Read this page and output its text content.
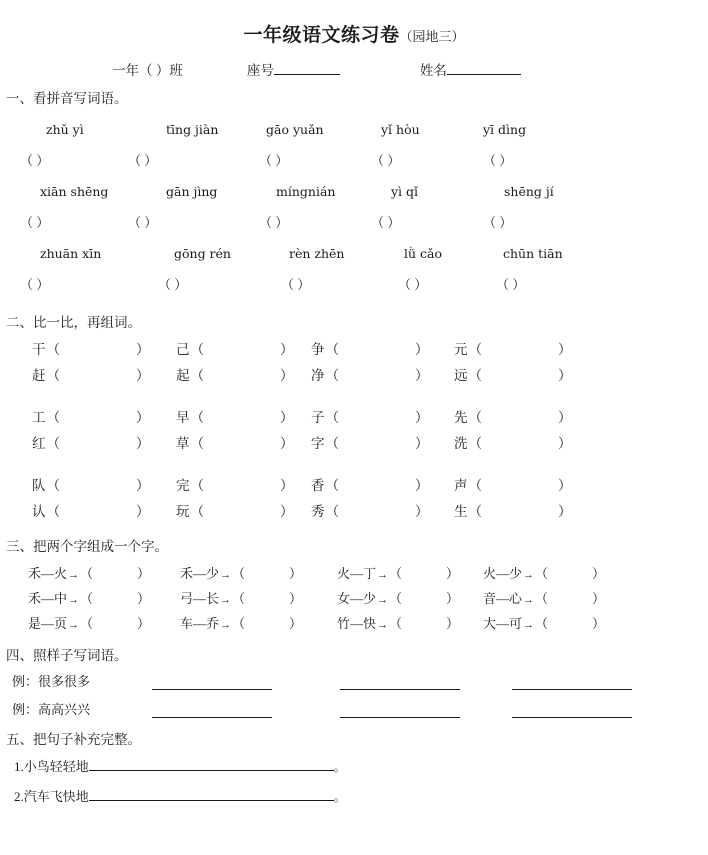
一年级语文练习卷（园地三）
一年（ ）班	座号	姓名
一、看拼音写词语。
zhǔ yì	tīng jiàn	gāo yuǎn	yǐ hòu	yī dìng
（ ）	（ ）	（ ）	（ ）	（ ）
xiān shēng	gān jìng	míngnián	yì qǐ	shēng jí
（ ）	（ ）	（ ）	（ ）	（ ）
zhuān xīn	gōng rén	rèn zhēn	lǜ cǎo	chūn tiān
（ ）	（ ）	（ ）	（ ）	（ ）
二、比一比，再组词。
干（	） 己（	） 争（	） 元（	）
赶（	） 起（	） 净（	） 远（	）
工（	） 早（	） 子（	） 先（	）
红（	） 草（	） 字（	） 洗（	）
队（	） 完（	） 香（	） 声（	）
认（	） 玩（	） 秀（	） 生（	）
三、把两个字组成一个字。
禾—火→（	） 禾—少→（	）	火—丁→（	） 火—少→（	）
禾—中→（	） 弓—长→（	）	女—少→（	） 音—心→（	）
是—页→（	） 车—乔→（	）	竹—快→（	） 大—可→（	）
四、照样子写词语。
例：很多很多
例：高高兴兴
五、把句子补充完整。
1.小鸟轻轻地	。
2.汽车飞快地	。
